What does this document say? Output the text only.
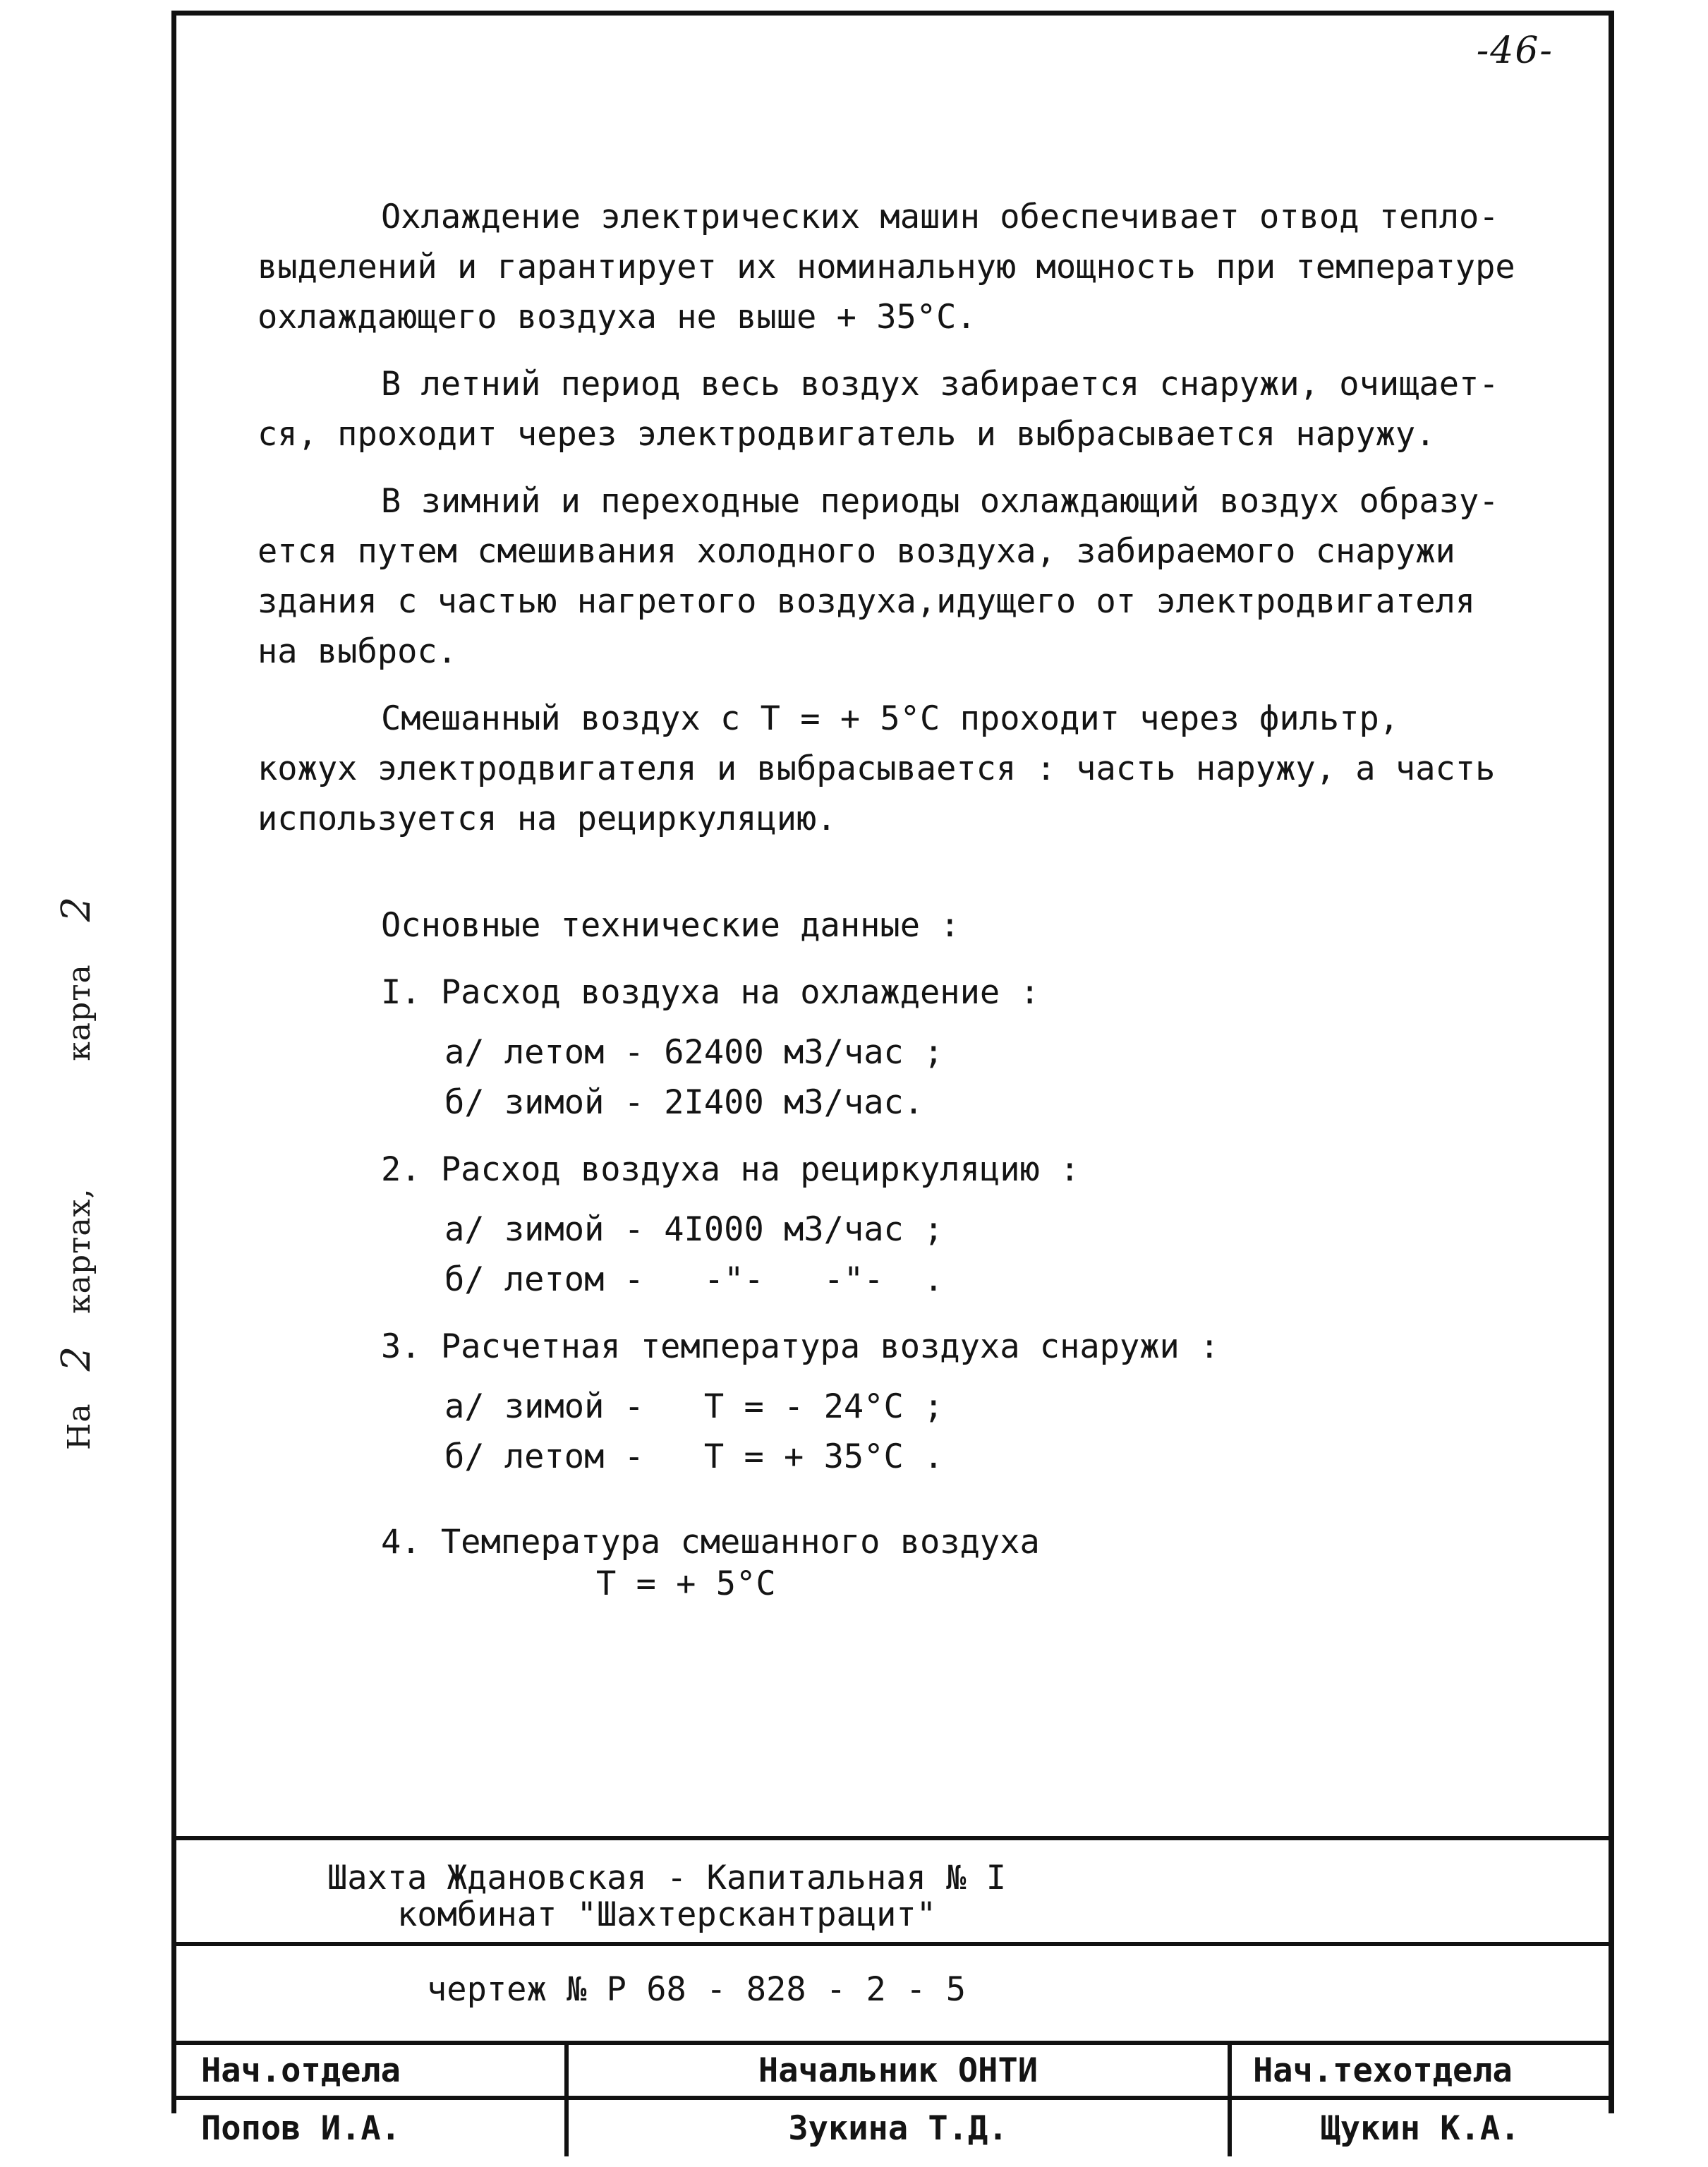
На   2   картах,            карта    2
-46-
Охлаждение электрических машин обеспечивает отвод тепло-
выделений и гарантирует их номинальную мощность при температуре
охлаждающего воздуха не выше + 35°С.
В летний период весь воздух забирается снаружи, очищает-
ся, проходит через электродвигатель и выбрасывается наружу.
В зимний и переходные периоды охлаждающий воздух образу-
ется путем смешивания холодного воздуха, забираемого снаружи
здания с частью нагретого воздуха,идущего от электродвигателя
на выброс.
Смешанный воздух с T = + 5°С проходит через фильтр,
кожух электродвигателя и выбрасывается : часть наружу, а часть
используется на рециркуляцию.
Основные технические данные :
I. Расход воздуха на охлаждение :
а/ летом - 62400 м3/час ;
б/ зимой - 2I400 м3/час.
2. Расход воздуха на рециркуляцию :
а/ зимой - 4I000 м3/час ;
б/ летом -   -"-   -"-  .
3. Расчетная температура воздуха снаружи :
а/ зимой -   T = - 24°С ;
б/ летом -   T = + 35°С .
4. Температура смешанного воздуха
T = + 5°С
Шахта Ждановская - Капитальная № I
комбинат "Шахтерскантрацит"
чертеж № Р 68 - 828 - 2 - 5
Нач.отдела	Начальник ОНТИ	Нач.техотдела
Попов И.А.	Зукина Т.Д.	Щукин К.А.
